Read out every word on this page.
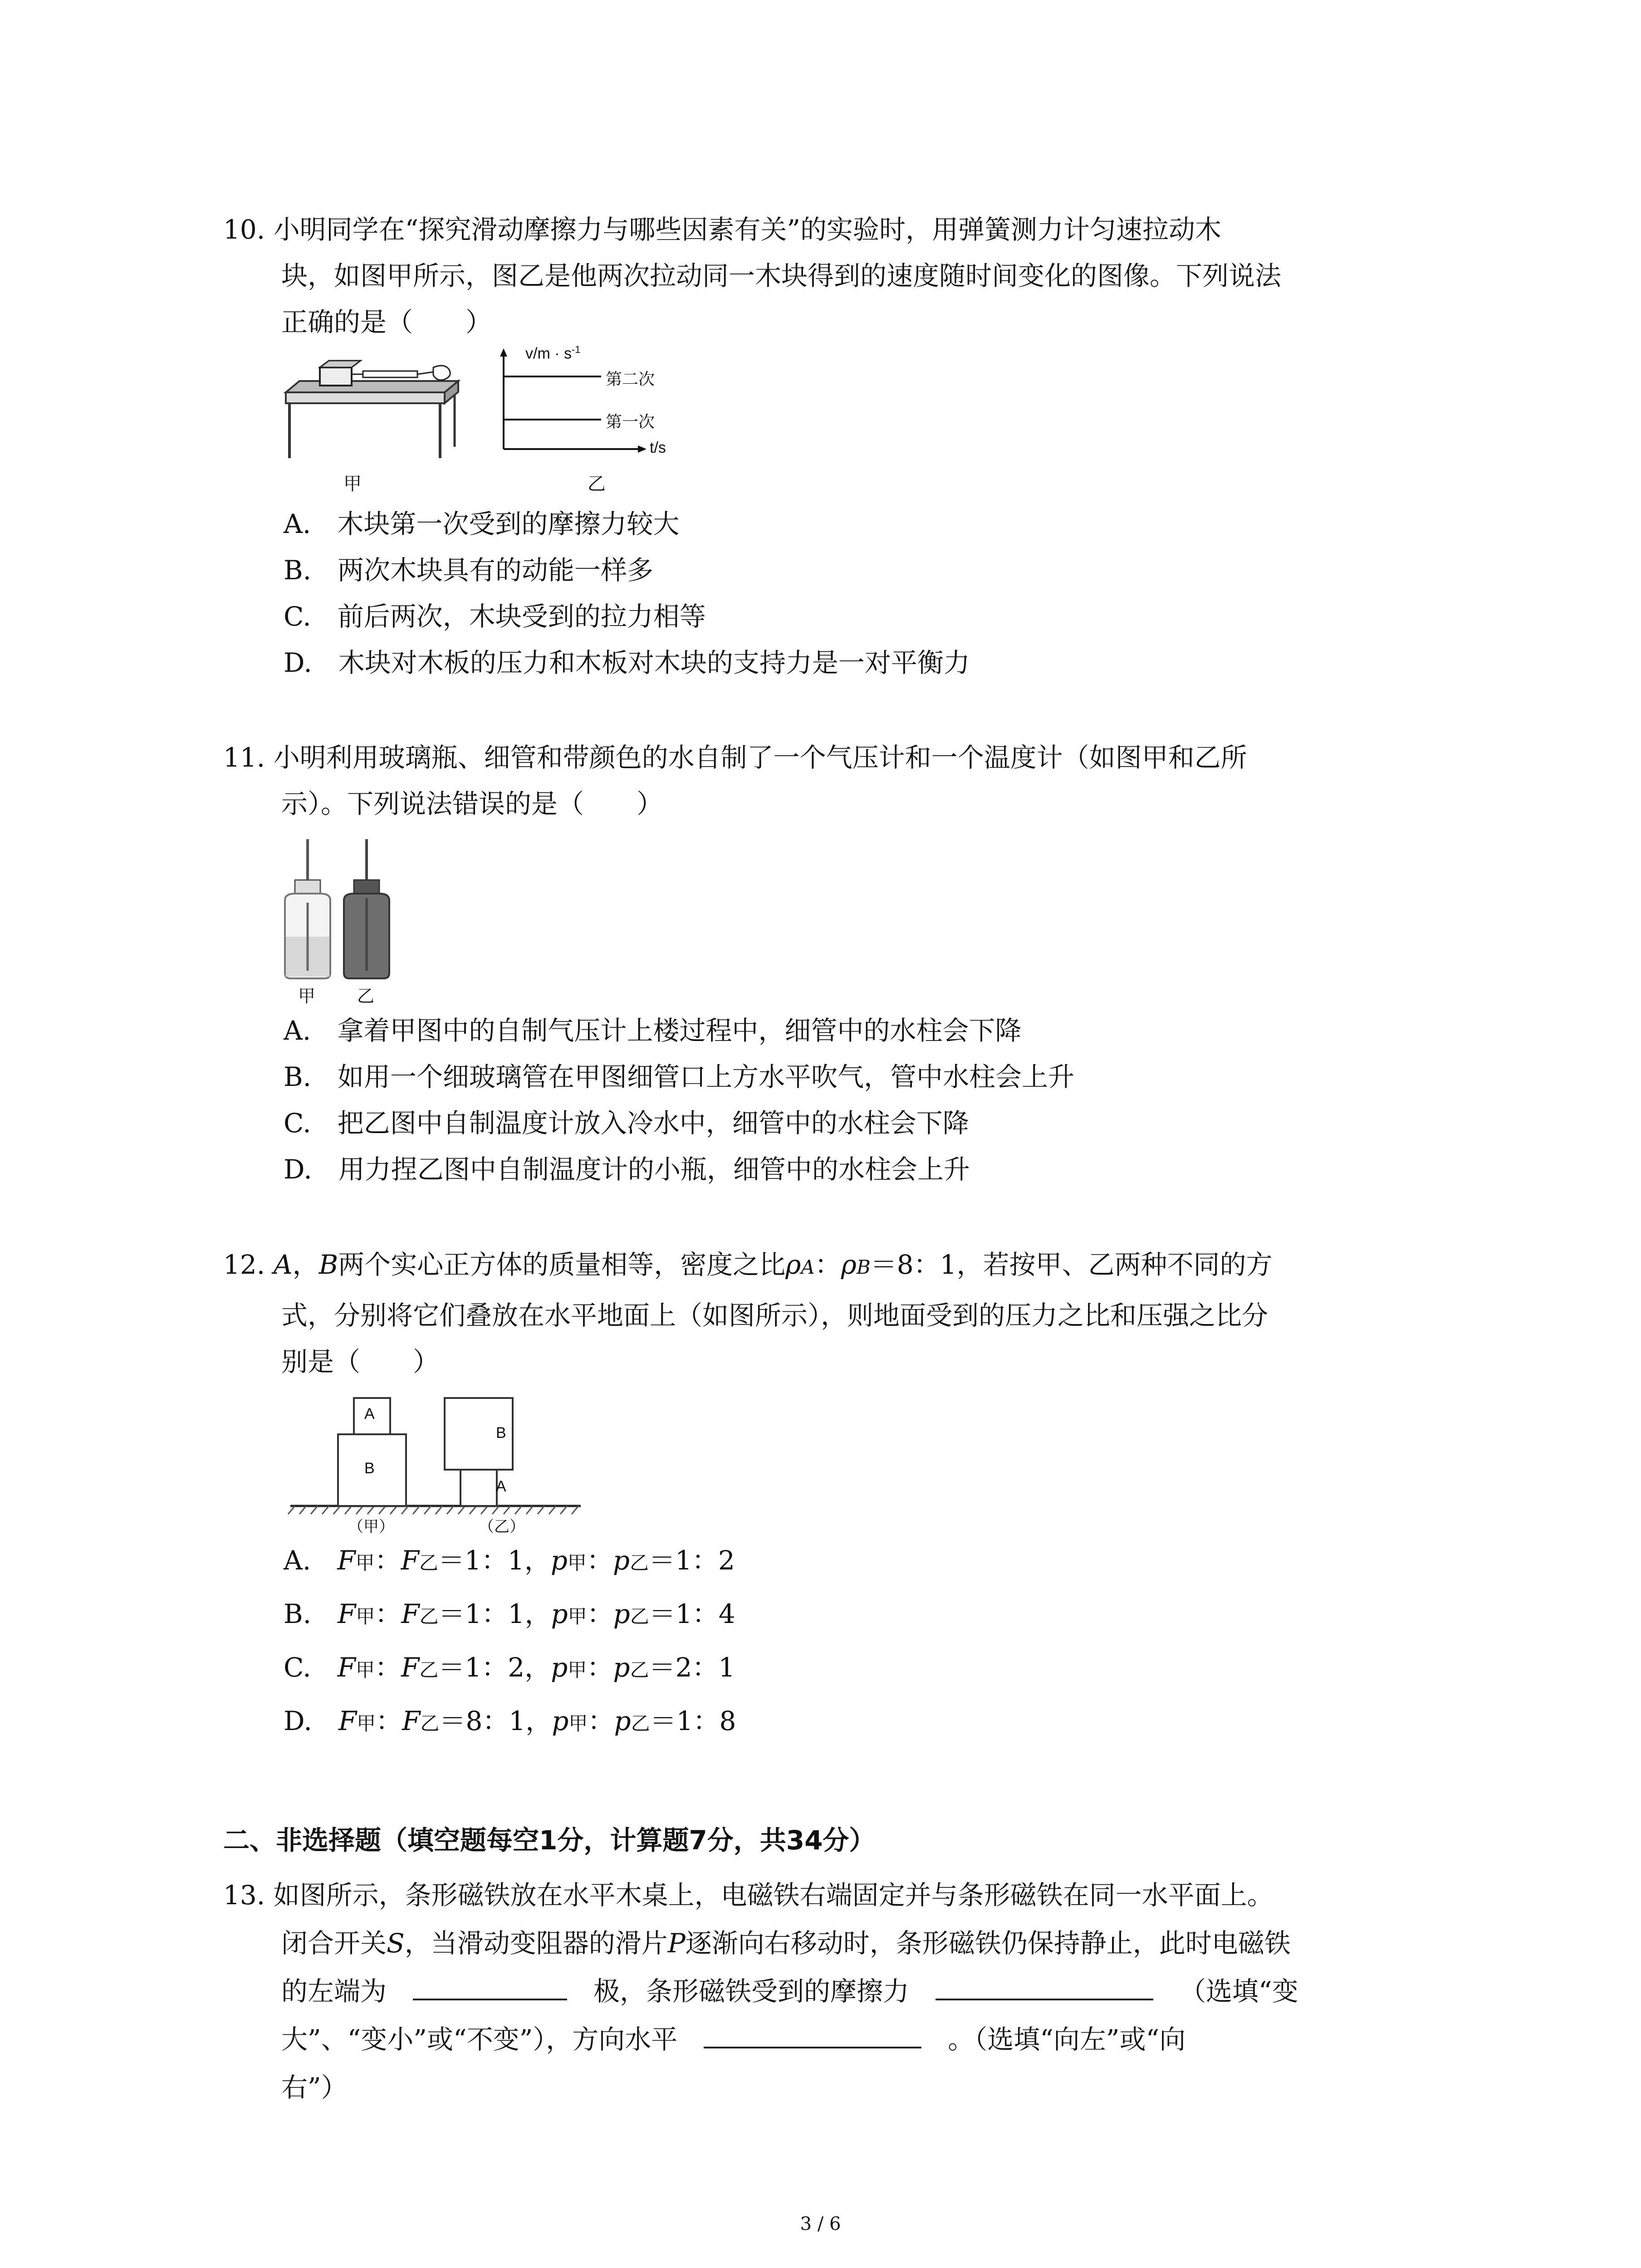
10. 小明同学在“探究滑动摩擦力与哪些因素有关”的实验时，用弹簧测力计匀速拉动木
块，如图甲所示，图乙是他两次拉动同一木块得到的速度随时间变化的图像。下列说法
正确的是（　　）
甲
$v/m \cdot s^{-1}$
第二次
第一次
t/s
乙
A.　木块第一次受到的摩擦力较大
B.　两次木块具有的动能一样多
C.　前后两次，木块受到的拉力相等
D.　木块对木板的压力和木板对木块的支持力是一对平衡力
11. 小明利用玻璃瓶、细管和带颜色的水自制了一个气压计和一个温度计（如图甲和乙所
示）。下列说法错误的是（　　）
甲 乙
A.　拿着甲图中的自制气压计上楼过程中，细管中的水柱会下降
B.　如用一个细玻璃管在甲图细管口上方水平吹气，管中水柱会上升
C.　把乙图中自制温度计放入冷水中，细管中的水柱会下降
D.　用力捏乙图中自制温度计的小瓶，细管中的水柱会上升
12. A，B两个实心正方体的质量相等，密度之比ρA：ρB＝8：1，若按甲、乙两种不同的方
式，分别将它们叠放在水平地面上（如图所示），则地面受到的压力之比和压强之比分
别是（　　）
A
B
B
A
（甲）	（乙）
A.　 F甲：F乙＝1：1，p甲：p乙＝1：2
B.　 F甲：F乙＝1：1，p甲：p乙＝1：4
C.　 F甲：F乙＝1：2，p甲：p乙＝2：1
D.　 F甲：F乙＝8：1，p甲：p乙＝1：8
二、非选择题（填空题每空1分，计算题7分，共34分）
13. 如图所示，条形磁铁放在水平木桌上，电磁铁右端固定并与条形磁铁在同一水平面上。
闭合开关S，当滑动变阻器的滑片P逐渐向右移动时，条形磁铁仍保持静止，此时电磁铁
的左端为  	极，条形磁铁受到的摩擦力  	（选填“变
大”、“变小”或“不变”），方向水平  	。（选填“向左”或“向
右”）
3 / 6
